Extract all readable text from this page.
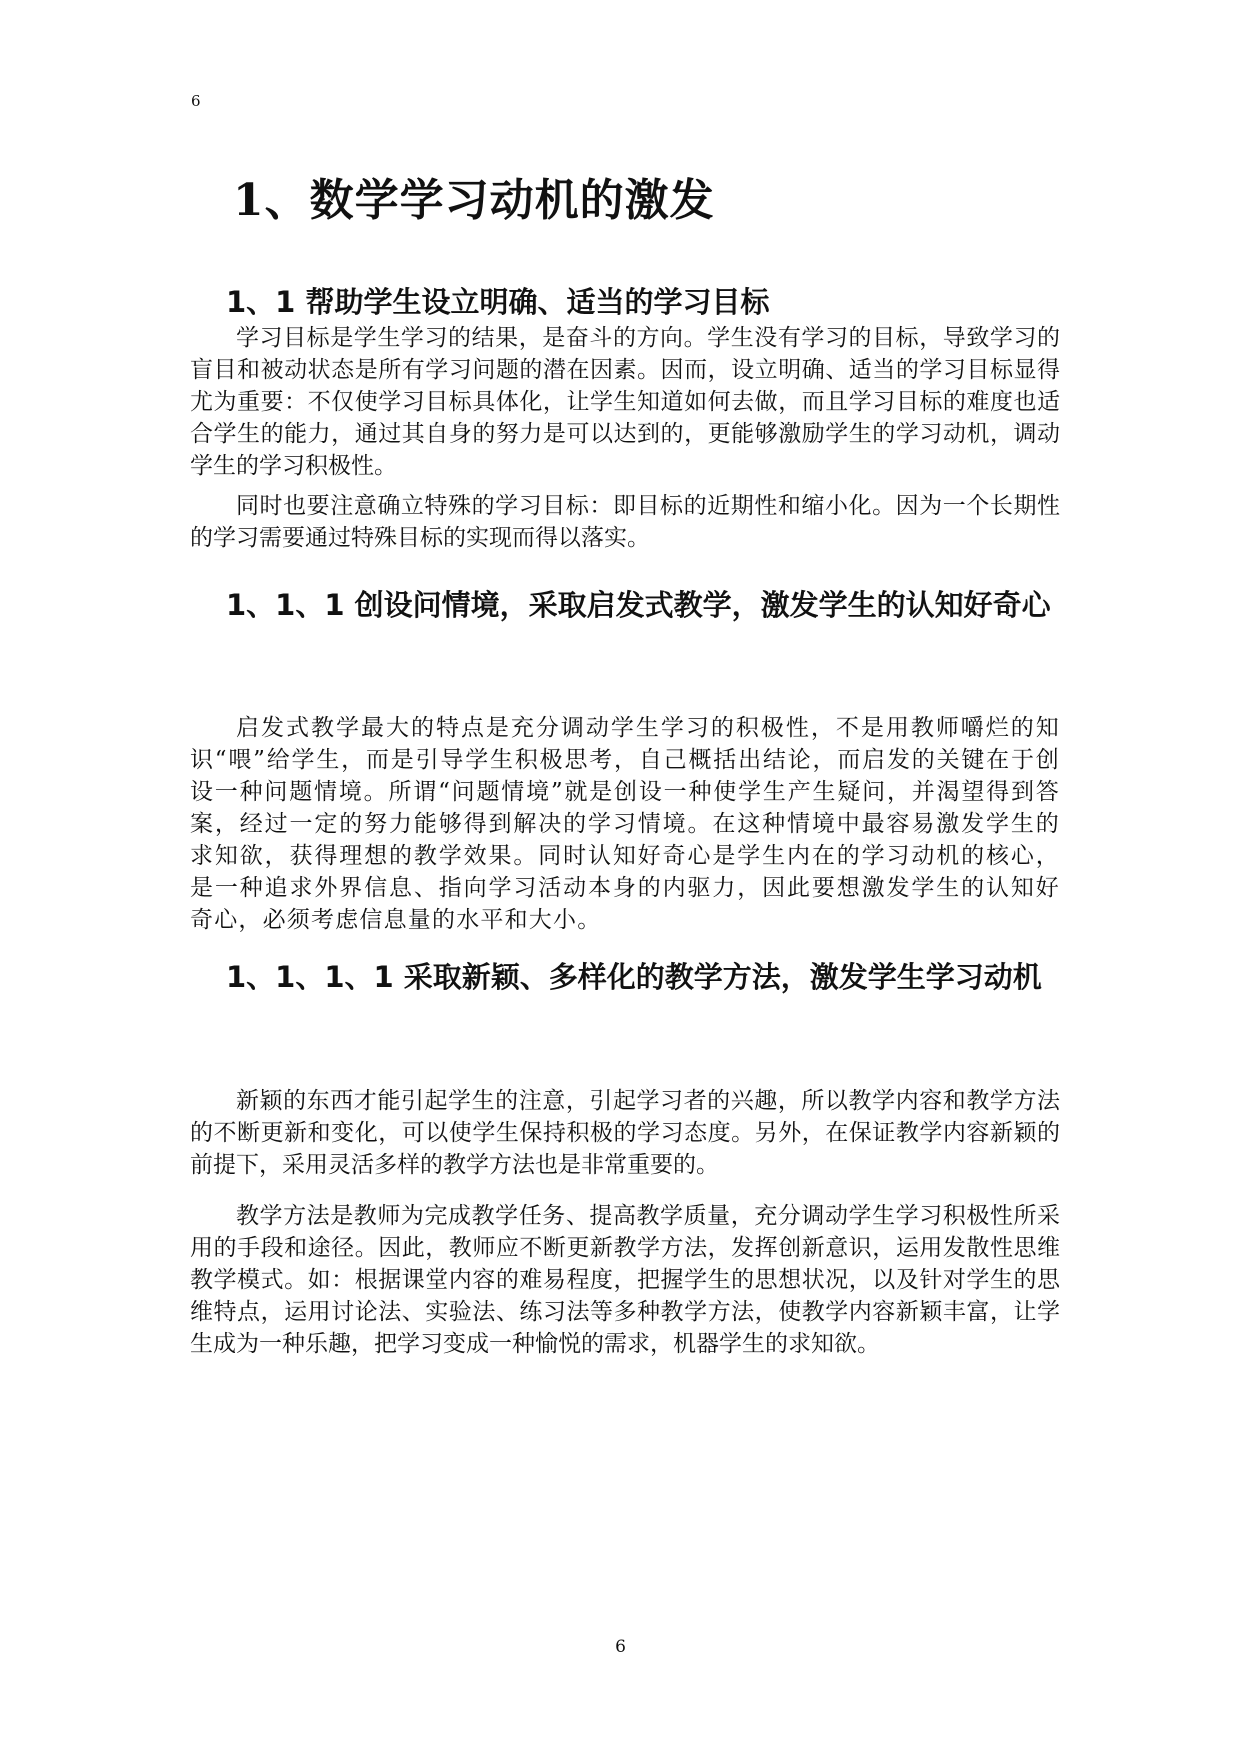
6
1、数学学习动机的激发
1、1 帮助学生设立明确、适当的学习目标
学习目标是学生学习的结果，是奋斗的方向。学生没有学习的目标，导致学习的盲目和被动状态是所有学习问题的潜在因素。因而，设立明确、适当的学习目标显得尤为重要：不仅使学习目标具体化，让学生知道如何去做，而且学习目标的难度也适合学生的能力，通过其自身的努力是可以达到的，更能够激励学生的学习动机，调动学生的学习积极性。
同时也要注意确立特殊的学习目标：即目标的近期性和缩小化。因为一个长期性的学习需要通过特殊目标的实现而得以落实。
1、1、1 创设问情境，采取启发式教学，激发学生的认知好奇心
启发式教学最大的特点是充分调动学生学习的积极性，不是用教师嚼烂的知识“喂”给学生，而是引导学生积极思考，自己概括出结论，而启发的关键在于创设一种问题情境。所谓“问题情境”就是创设一种使学生产生疑问，并渴望得到答案，经过一定的努力能够得到解决的学习情境。在这种情境中最容易激发学生的求知欲，获得理想的教学效果。同时认知好奇心是学生内在的学习动机的核心，是一种追求外界信息、指向学习活动本身的内驱力，因此要想激发学生的认知好奇心，必须考虑信息量的水平和大小。
1、1、1、1 采取新颖、多样化的教学方法，激发学生学习动机
新颖的东西才能引起学生的注意，引起学习者的兴趣，所以教学内容和教学方法的不断更新和变化，可以使学生保持积极的学习态度。另外，在保证教学内容新颖的前提下，采用灵活多样的教学方法也是非常重要的。
教学方法是教师为完成教学任务、提高教学质量，充分调动学生学习积极性所采用的手段和途径。因此，教师应不断更新教学方法，发挥创新意识，运用发散性思维教学模式。如：根据课堂内容的难易程度，把握学生的思想状况，以及针对学生的思维特点，运用讨论法、实验法、练习法等多种教学方法，使教学内容新颖丰富，让学生成为一种乐趣，把学习变成一种愉悦的需求，机器学生的求知欲。
6
